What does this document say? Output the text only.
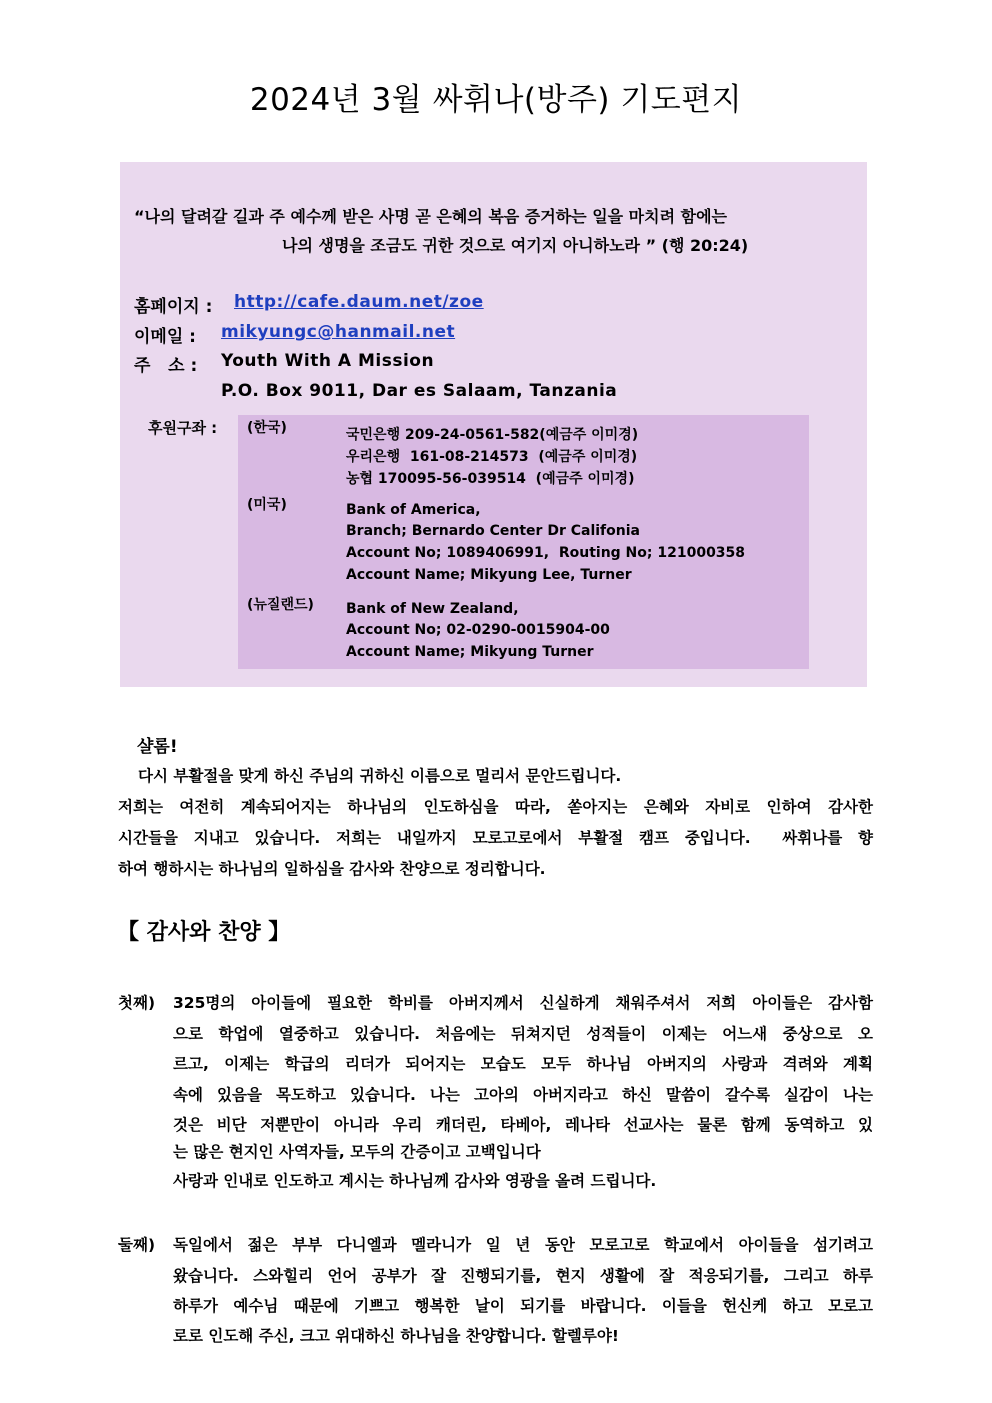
2024년 3월 싸휘나(방주) 기도편지
“나의 달려갈 길과 주 예수께 받은 사명 곧 은혜의 복음 증거하는 일을 마치려 함에는
나의 생명을 조금도 귀한 것으로 여기지 아니하노라 ” (행 20:24)
홈페이지 : http://cafe.daum.net/zoe
이메일 : mikyungc@hanmail.net
주   소 : Youth With A Mission
P.O. Box 9011, Dar es Salaam, Tanzania
후원구좌 : (한국)	국민은행 209-24-0561-582(예금주 이미경)
우리은행  161-08-214573  (예금주 이미경)
농협 170095-56-039514  (예금주 이미경)
(미국)	Bank of America,
Branch; Bernardo Center Dr Califonia
Account No; 1089406991,  Routing No; 121000358
Account Name; Mikyung Lee, Turner
(뉴질랜드) Bank of New Zealand,
Account No; 02-0290-0015904-00
Account Name; Mikyung Turner
샬롬!
다시 부활절을 맞게 하신 주님의 귀하신 이름으로 멀리서 문안드립니다.
저희는 여전히 계속되어지는 하나님의 인도하심을 따라, 쏟아지는 은혜와 자비로 인하여 감사한
시간들을 지내고 있습니다. 저희는 내일까지 모로고로에서 부활절 캠프 중입니다.  싸휘나를 향
하여 행하시는 하나님의 일하심을 감사와 찬양으로 정리합니다.
【 감사와 찬양 】
첫째) 325명의 아이들에 필요한 학비를 아버지께서 신실하게 채워주셔서 저희 아이들은 감사함
으로 학업에 열중하고 있습니다. 처음에는 뒤쳐지던 성적들이 이제는 어느새 중상으로 오
르고, 이제는 학급의 리더가 되어지는 모습도 모두 하나님 아버지의 사랑과 격려와 계획
속에 있음을 목도하고 있습니다. 나는 고아의 아버지라고 하신 말씀이 갈수록 실감이 나는
것은 비단 저뿐만이 아니라 우리 캐더린, 타베아, 레나타 선교사는 물론 함께 동역하고 있
는 많은 현지인 사역자들, 모두의 간증이고 고백입니다
사랑과 인내로 인도하고 계시는 하나님께 감사와 영광을 올려 드립니다.
둘째) 독일에서 젊은 부부 다니엘과 멜라니가 일 년 동안 모로고로 학교에서 아이들을 섬기려고
왔습니다. 스와힐리 언어 공부가 잘 진행되기를, 현지 생활에 잘 적응되기를, 그리고 하루
하루가 예수님 때문에 기쁘고 행복한 날이 되기를 바랍니다. 이들을 헌신케 하고 모로고
로로 인도해 주신, 크고 위대하신 하나님을 찬양합니다. 할렐루야!
